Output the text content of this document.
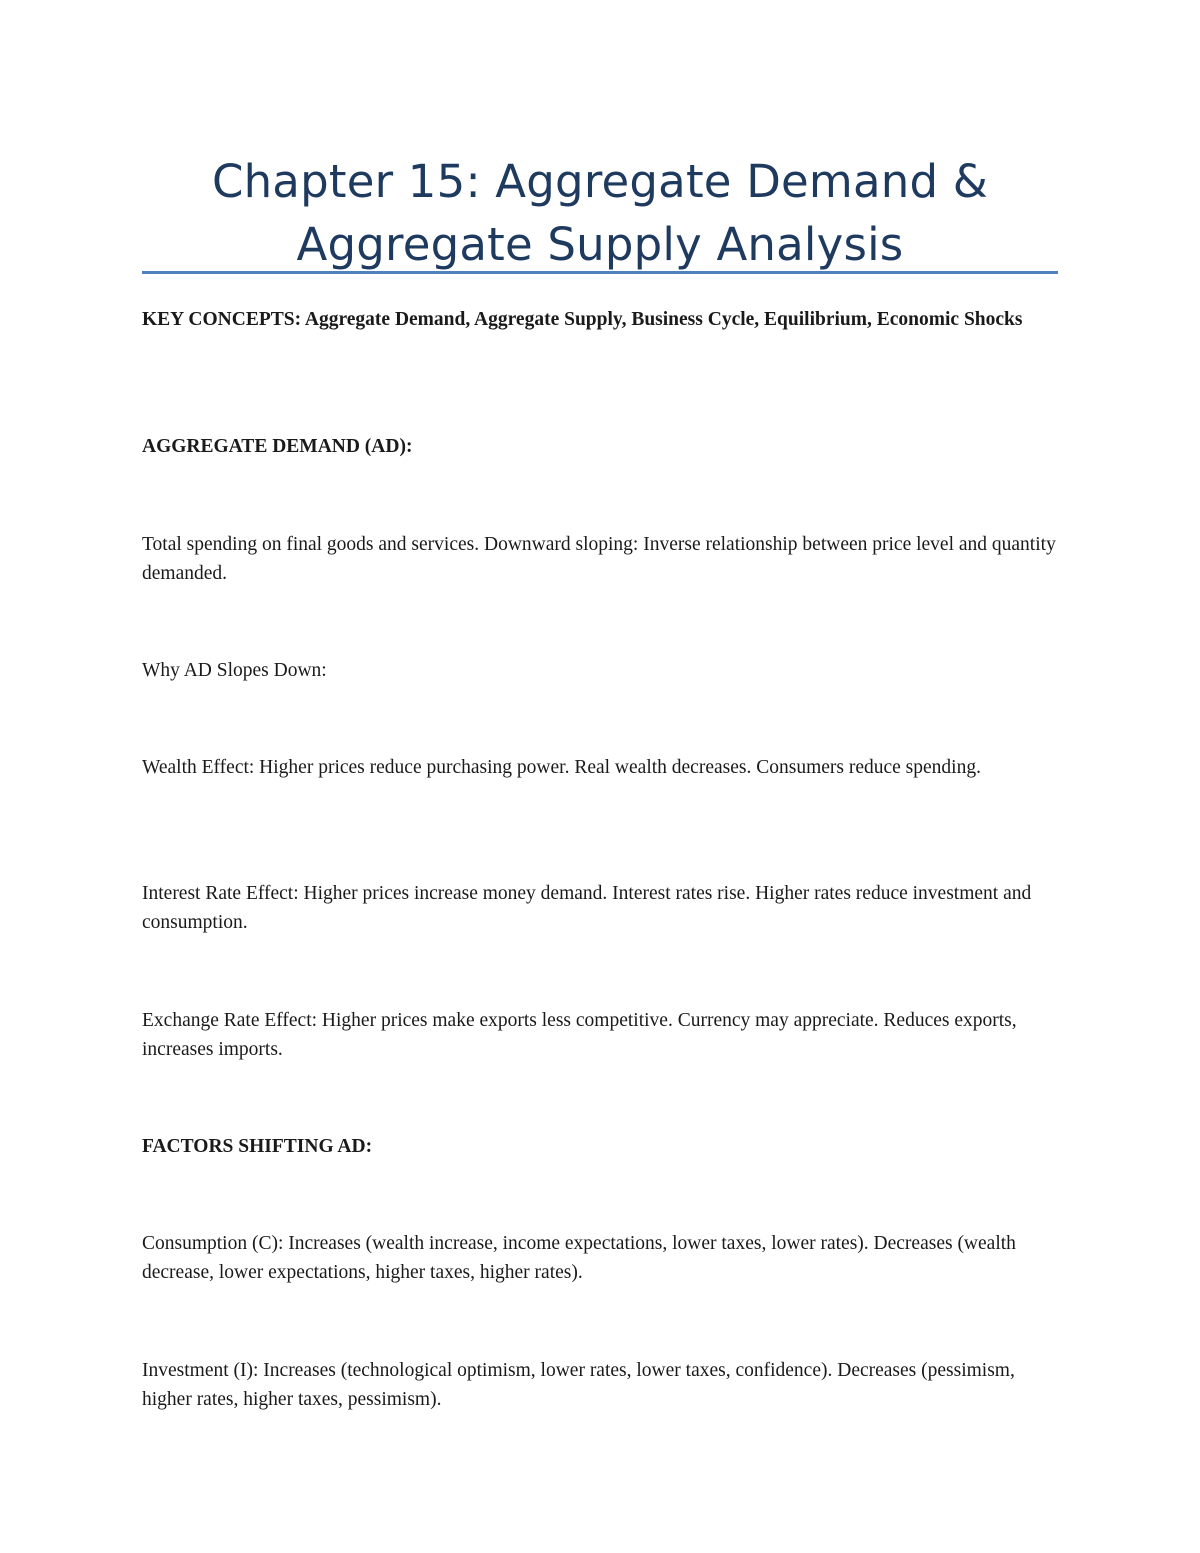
Chapter 15: Aggregate Demand &
Aggregate Supply Analysis

KEY CONCEPTS: Aggregate Demand, Aggregate Supply, Business Cycle, Equilibrium, Economic Shocks

AGGREGATE DEMAND (AD):

Total spending on final goods and services. Downward sloping: Inverse relationship between price level and quantity demanded.

Why AD Slopes Down:

Wealth Effect: Higher prices reduce purchasing power. Real wealth decreases. Consumers reduce spending.

Interest Rate Effect: Higher prices increase money demand. Interest rates rise. Higher rates reduce investment and consumption.

Exchange Rate Effect: Higher prices make exports less competitive. Currency may appreciate. Reduces exports, increases imports.

FACTORS SHIFTING AD:

Consumption (C): Increases (wealth increase, income expectations, lower taxes, lower rates). Decreases (wealth decrease, lower expectations, higher taxes, higher rates).

Investment (I): Increases (technological optimism, lower rates, lower taxes, confidence). Decreases (pessimism, higher rates, higher taxes, pessimism).
